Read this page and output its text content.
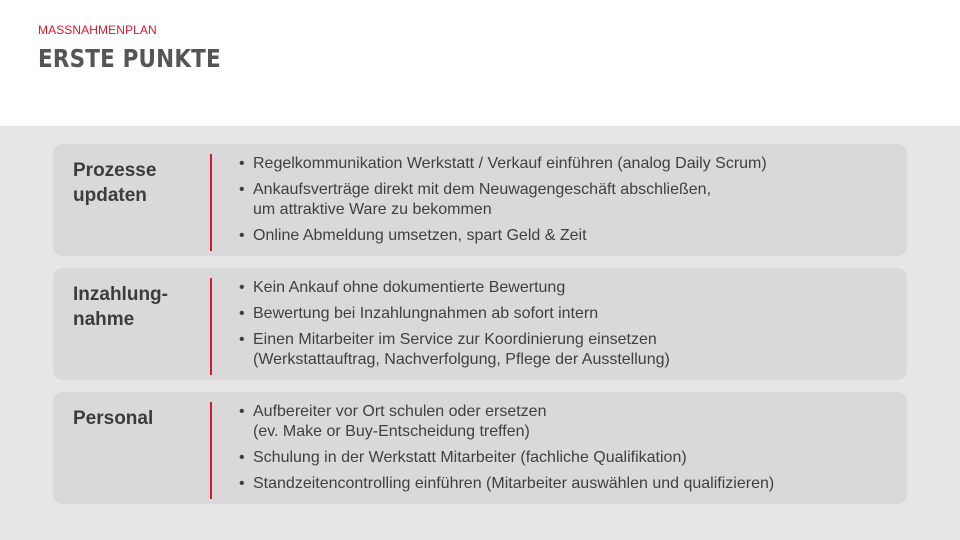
MASSNAHMENPLAN
ERSTE PUNKTE
Prozesse
updaten
• Regelkommunikation Werkstatt / Verkauf einführen (analog Daily Scrum)
• Ankaufsverträge direkt mit dem Neuwagengeschäft abschließen,
um attraktive Ware zu bekommen
• Online Abmeldung umsetzen, spart Geld & Zeit
Inzahlung-
nahme
• Kein Ankauf ohne dokumentierte Bewertung
• Bewertung bei Inzahlungnahmen ab sofort intern
• Einen Mitarbeiter im Service zur Koordinierung einsetzen
(Werkstattauftrag, Nachverfolgung, Pflege der Ausstellung)
Personal	• Aufbereiter vor Ort schulen oder ersetzen
(ev. Make or Buy-Entscheidung treffen)
• Schulung in der Werkstatt Mitarbeiter (fachliche Qualifikation)
• Standzeitencontrolling einführen (Mitarbeiter auswählen und qualifizieren)
